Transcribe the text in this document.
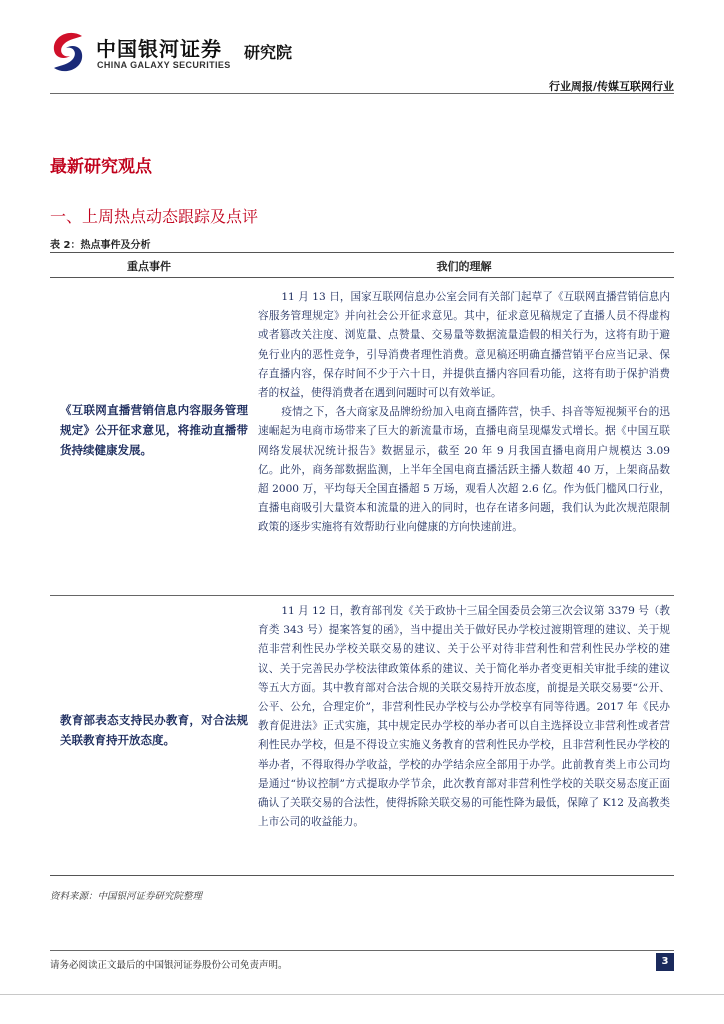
中国银河证券
CHINA GALAXY SECURITIES
研究院
行业周报/传媒互联网行业
最新研究观点
一、上周热点动态跟踪及点评
表 2：热点事件及分析
重点事件	我们的理解
《互联网直播营销信息内容服务管理规定》公开征求意见，将推动直播带货持续健康发展。

11 月 13 日，国家互联网信息办公室会同有关部门起草了《互联网直播营销信息内容服务管理规定》并向社会公开征求意见。其中，征求意见稿规定了直播人员不得虚构或者篡改关注度、浏览量、点赞量、交易量等数据流量造假的相关行为，这将有助于避免行业内的恶性竞争，引导消费者理性消费。意见稿还明确直播营销平台应当记录、保存直播内容，保存时间不少于六十日，并提供直播内容回看功能，这将有助于保护消费者的权益，使得消费者在遇到问题时可以有效举证。

疫情之下，各大商家及品牌纷纷加入电商直播阵营，快手、抖音等短视频平台的迅速崛起为电商市场带来了巨大的新流量市场，直播电商呈现爆发式增长。据《中国互联网络发展状况统计报告》数据显示，截至 20 年 9 月我国直播电商用户规模达 3.09 亿。此外，商务部数据监测，上半年全国电商直播活跃主播人数超 40 万，上架商品数超 2000 万，平均每天全国直播超 5 万场，观看人次超 2.6 亿。作为低门槛风口行业，直播电商吸引大量资本和流量的进入的同时，也存在诸多问题，我们认为此次规范限制政策的逐步实施将有效帮助行业向健康的方向快速前进。

教育部表态支持民办教育，对合法规关联教育持开放态度。

11 月 12 日，教育部刊发《关于政协十三届全国委员会第三次会议第 3379 号（教育类 343 号）提案答复的函》，当中提出关于做好民办学校过渡期管理的建议、关于规范非营利性民办学校关联交易的建议、关于公平对待非营利性和营利性民办学校的建议、关于完善民办学校法律政策体系的建议、关于简化举办者变更相关审批手续的建议等五大方面。其中教育部对合法合规的关联交易持开放态度，前提是关联交易要“公开、公平、公允，合理定价”，非营利性民办学校与公办学校享有同等待遇。2017 年《民办教育促进法》正式实施，其中规定民办学校的举办者可以自主选择设立非营利性或者营利性民办学校，但是不得设立实施义务教育的营利性民办学校，且非营利性民办学校的举办者，不得取得办学收益，学校的办学结余应全部用于办学。此前教育类上市公司均是通过“协议控制”方式提取办学节余，此次教育部对非营利性学校的关联交易态度正面确认了关联交易的合法性，使得拆除关联交易的可能性降为最低，保障了 K12 及高教类上市公司的收益能力。

资料来源：中国银河证券研究院整理
请务必阅读正文最后的中国银河证券股份公司免责声明。	3
